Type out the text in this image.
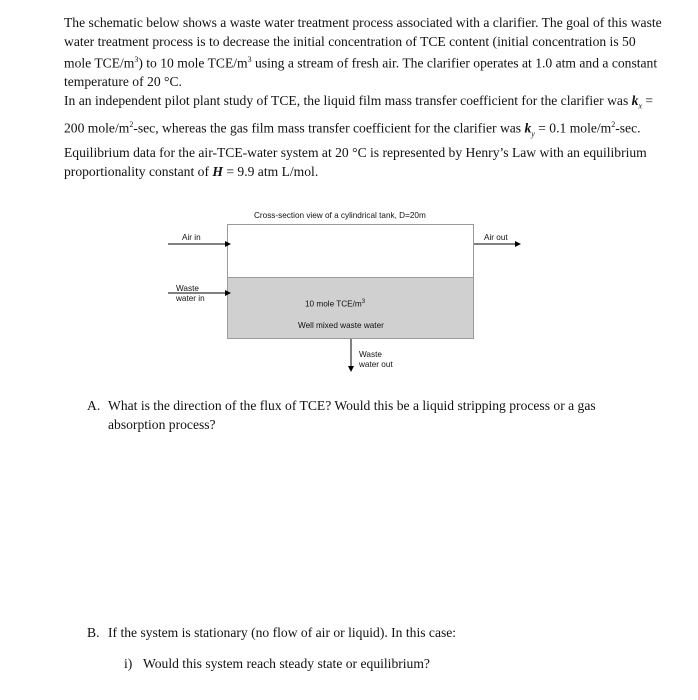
The schematic below shows a waste water treatment process associated with a clarifier. The goal of this waste water treatment process is to decrease the initial concentration of TCE content (initial concentration is 50 mole TCE/$m^3$) to 10 mole TCE/$m^3$ using a stream of fresh air. The clarifier operates at 1.0 atm and a constant temperature of 20 °C.

In an independent pilot plant study of TCE, the liquid film mass transfer coefficient for the clarifier was $k_x = 200$ mole/$m^2-\sec$, whereas the gas film mass transfer coefficient for the clarifier was $k_y = 0.1$ mole/$m^2-\sec$.

Equilibrium data for the air-TCE-water system at 20 °C is represented by Henry’s Law with an equilibrium proportionality constant of H = 9.9 atm L/mol.

Cross-section view of a cylindrical tank, D=20m
Air in	Air out
Waste
water in
10 mole TCE/$m^3$
Well mixed waste water
Waste
water out
A. What is the direction of the flux of TCE? Would this be a liquid stripping process or a gas
absorption process?
B. If the system is stationary (no flow of air or liquid). In this case:
i) Would this system reach steady state or equilibrium?
